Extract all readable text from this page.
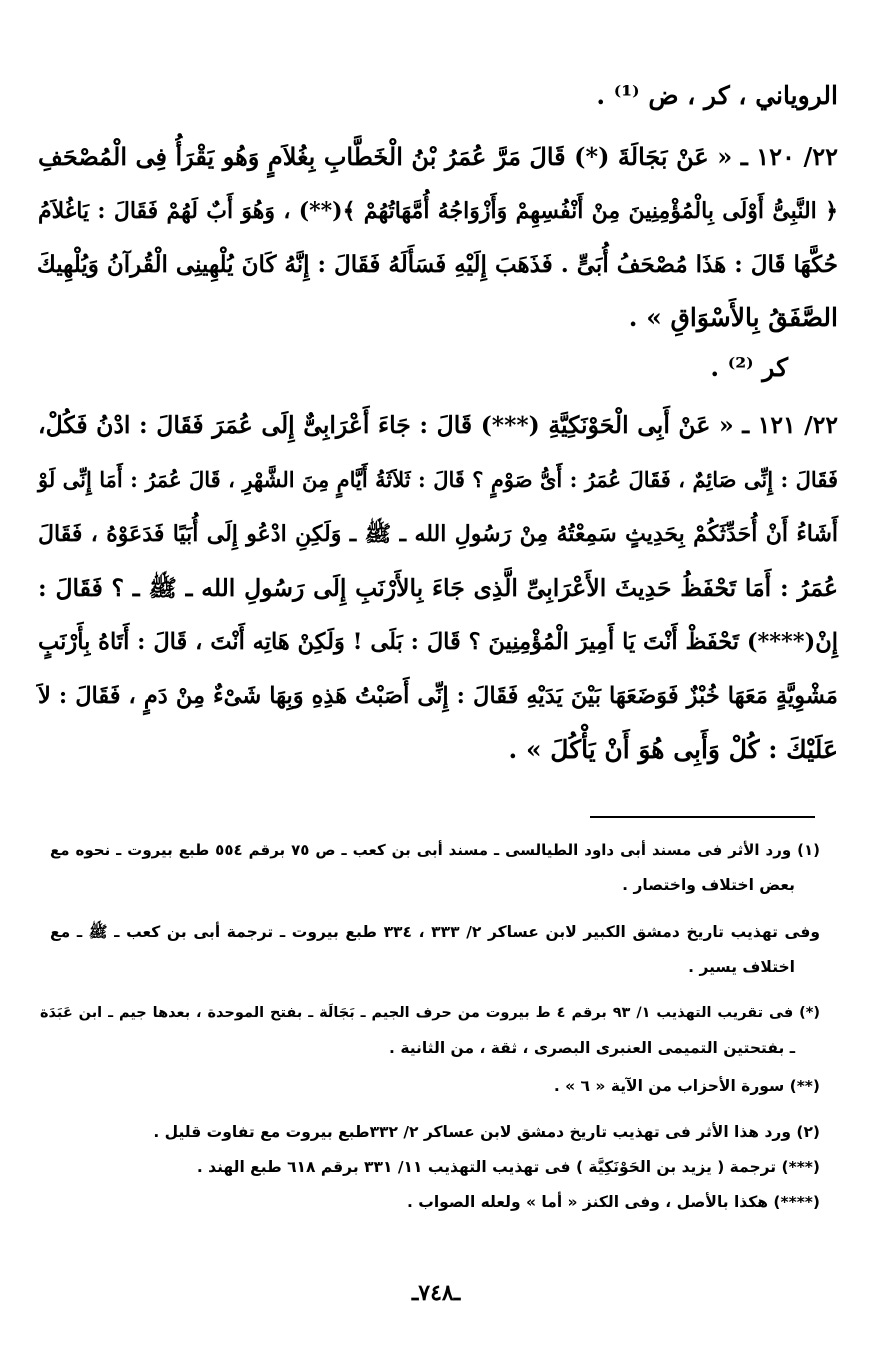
الروياني ، كر ، ض ⁽¹⁾ .
٢٢/ ١٢٠ ـ « عَنْ بَجَالَةَ (*) قَالَ مَرَّ عُمَرُ بْنُ الْخَطَّابِ بِغُلاَمٍ وَهُو يَقْرَأُ فِى الْمُصْحَفِ
﴿ النَّبِىُّ أَوْلَى بِالْمُؤْمِنِينَ مِنْ أَنْفُسِهِمْ وَأَزْوَاجُهُ أُمَّهَاتُهُمْ ﴾(**) ، وَهُوَ أَبٌ لَهُمْ فَقَالَ : يَاغُلاَمُ
حُكَّهَا قَالَ : هَذَا مُصْحَفُ أُبَىٍّ . فَذَهَبَ إِلَيْهِ فَسَأَلَهُ فَقَالَ : إِنَّهُ كَانَ يُلْهِينِى الْقُرآنُ وَيُلْهِيكَ
الصَّفَقُ بِالأَسْوَاقِ » .
كر ⁽²⁾ .
٢٢/ ١٢١ ـ « عَنْ أَبِى الْحَوْنَكِيَّةِ (***) قَالَ : جَاءَ أَعْرَابِىٌّ إِلَى عُمَرَ فَقَالَ : ادْنُ فَكُلْ،
فَقَالَ : إِنِّى صَائِمٌ ، فَقَالَ عُمَرُ : أَىُّ صَوْمٍ ؟ قَالَ : ثَلاَثَةُ أَيَّامٍ مِنَ الشَّهْرِ ، قَالَ عُمَرُ : أَمَا إِنِّى لَوْ
أَشَاءُ أَنْ أُحَدِّثَكُمْ بِحَدِيثٍ سَمِعْتُهُ مِنْ رَسُولِ الله ـ ﷺ ـ وَلَكِنِ ادْعُو إِلَى أُبَيًا فَدَعَوْهُ ، فَقَالَ
عُمَرُ : أَمَا تَحْفَظُ حَدِيثَ الأَعْرَابِىِّ الَّذِى جَاءَ بِالأَرْنَبِ إِلَى رَسُولِ الله ـ ﷺ ـ ؟ فَقَالَ :
إِنْ(****) تَحْفَظْ أَنْتَ يَا أَمِيرَ الْمُؤْمِنِينَ ؟ قَالَ : بَلَى ! وَلَكِنْ هَاتِه أَنْتَ ، قَالَ : أَتَاهُ بِأَرْنَبٍ
مَشْوِيَّةٍ مَعَهَا خُبْزٌ فَوَضَعَهَا بَيْنَ يَدَيْهِ فَقَالَ : إِنِّى أَصَبْتُ هَذِهِ وَبِهَا شَىْءٌ مِنْ دَمٍ ، فَقَالَ : لاَ
عَلَيْكَ : كُلْ وَأَبِى هُوَ أَنْ يَأْكُلَ » .
(١) ورد الأثر فى مسند أبى داود الطيالسى ـ مسند أبى بن كعب ـ ص ٧٥ برقم ٥٥٤ طبع بيروت ـ نحوه مع
بعض اختلاف واختصار .
وفى تهذيب تاريخ دمشق الكبير لابن عساكر ٢/ ٣٣٣ ، ٣٣٤ طبع بيروت ـ ترجمة أبى بن كعب ـ ﷺ ـ مع
اختلاف يسير .
(*) فى تقريب التهذيب ١/ ٩٣ برقم ٤ ط بيروت من حرف الجيم ـ بَجَالَة ـ بفتح الموحدة ، بعدها جيم ـ ابن عَبَدَة
ـ بفتحتين التميمى العنبرى البصرى ، ثقة ، من الثانية .
(**) سورة الأحزاب من الآية « ٦ » .
(٢) ورد هذا الأثر فى تهذيب تاريخ دمشق لابن عساكر ٢/ ٣٣٢طبع بيروت مع تفاوت قليل .
(***) ترجمة ( يزيد بن الحَوْنَكِيَّة ) فى تهذيب التهذيب ١١/ ٣٣١ برقم ٦١٨ طبع الهند .
(****) هكذا بالأصل ، وفى الكنز « أما » ولعله الصواب .
ـ٧٤٨ـ
